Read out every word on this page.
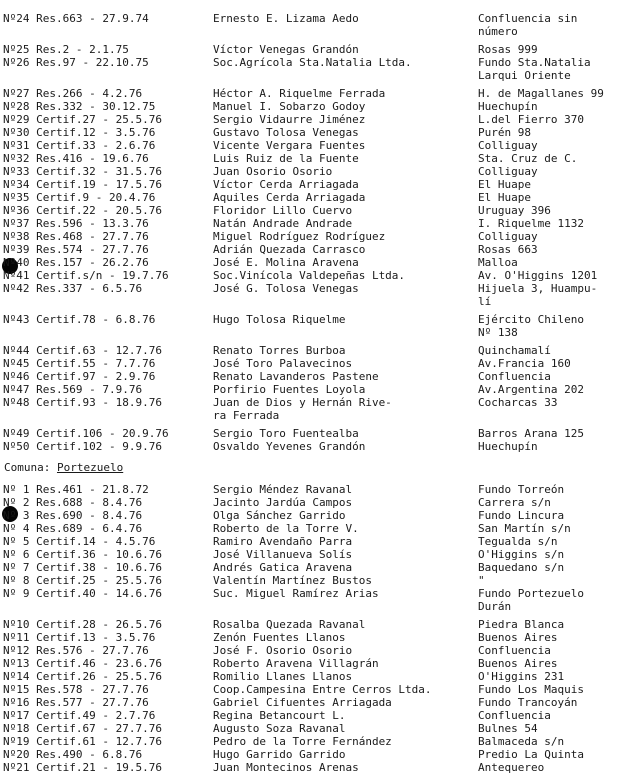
Comuna: Portezuelo
Nº24 Res.663 - 27.9.74	Ernesto E. Lizama Aedo	Confluencia sin
número
Nº25 Res.2 - 2.1.75	Víctor Venegas Grandón	Rosas 999
Nº26 Res.97 - 22.10.75	Soc.Agrícola Sta.Natalia Ltda.	Fundo Sta.Natalia
Larqui Oriente
Nº27 Res.266 - 4.2.76	Héctor A. Riquelme Ferrada	H. de Magallanes 99
Nº28 Res.332 - 30.12.75	Manuel I. Sobarzo Godoy	Huechupín
Nº29 Certif.27 - 25.5.76	Sergio Vidaurre Jiménez	L.del Fierro 370
Nº30 Certif.12 - 3.5.76	Gustavo Tolosa Venegas	Purén 98
Nº31 Certif.33 - 2.6.76	Vicente Vergara Fuentes	Colliguay
Nº32 Res.416 - 19.6.76	Luis Ruiz de la Fuente	Sta. Cruz de C.
Nº33 Certif.32 - 31.5.76	Juan Osorio Osorio	Colliguay
Nº34 Certif.19 - 17.5.76	Víctor Cerda Arriagada	El Huape
Nº35 Certif.9 - 20.4.76	Aquiles Cerda Arriagada	El Huape
Nº36 Certif.22 - 20.5.76	Floridor Lillo Cuervo	Uruguay 396
Nº37 Res.596 - 13.3.76	Natán Andrade Andrade	I. Riquelme 1132
Nº38 Res.468 - 27.7.76	Miguel Rodríguez Rodríguez	Colliguay
Nº39 Res.574 - 27.7.76	Adrián Quezada Carrasco	Rosas 663
Nº40 Res.157 - 26.2.76	José E. Molina Aravena	Malloa
Nº41 Certif.s/n - 19.7.76	Soc.Vinícola Valdepeñas Ltda.	Av. O'Higgins 1201
Nº42 Res.337 - 6.5.76	José G. Tolosa Venegas	Hijuela 3, Huampu-
lí
Nº43 Certif.78 - 6.8.76	Hugo Tolosa Riquelme	Ejército Chileno
Nº 138
Nº44 Certif.63 - 12.7.76	Renato Torres Burboa	Quinchamalí
Nº45 Certif.55 - 7.7.76	José Toro Palavecinos	Av.Francia 160
Nº46 Certif.97 - 2.9.76	Renato Lavanderos Pastene	Confluencia
Nº47 Res.569 - 7.9.76	Porfirio Fuentes Loyola	Av.Argentina 202
Nº48 Certif.93 - 18.9.76	Juan de Dios y Hernán Rive-	Cocharcas 33
ra Ferrada
Nº49 Certif.106 - 20.9.76	Sergio Toro Fuentealba	Barros Arana 125
Nº50 Certif.102 - 9.9.76	Osvaldo Yevenes Grandón	Huechupín
Nº 1 Res.461 - 21.8.72	Sergio Méndez Ravanal	Fundo Torreón
Nº 2 Res.688 - 8.4.76	Jacinto Jardúa Campos	Carrera s/n
Nº 3 Res.690 - 8.4.76	Olga Sánchez Garrido	Fundo Lincura
Nº 4 Res.689 - 6.4.76	Roberto de la Torre V.	San Martín s/n
Nº 5 Certif.14 - 4.5.76	Ramiro Avendaño Parra	Tegualda s/n
Nº 6 Certif.36 - 10.6.76	José Villanueva Solís	O'Higgins s/n
Nº 7 Certif.38 - 10.6.76	Andrés Gatica Aravena	Baquedano s/n
Nº 8 Certif.25 - 25.5.76	Valentín Martínez Bustos	"
Nº 9 Certif.40 - 14.6.76	Suc. Miguel Ramírez Arias	Fundo Portezuelo
Durán
Nº10 Certif.28 - 26.5.76	Rosalba Quezada Ravanal	Piedra Blanca
Nº11 Certif.13 - 3.5.76	Zenón Fuentes Llanos	Buenos Aires
Nº12 Res.576 - 27.7.76	José F. Osorio Osorio	Confluencia
Nº13 Certif.46 - 23.6.76	Roberto Aravena Villagrán	Buenos Aires
Nº14 Certif.26 - 25.5.76	Romilio Llanes Llanos	O'Higgins 231
Nº15 Res.578 - 27.7.76	Coop.Campesina Entre Cerros Ltda.	Fundo Los Maquis
Nº16 Res.577 - 27.7.76	Gabriel Cifuentes Arriagada	Fundo Trancoyán
Nº17 Certif.49 - 2.7.76	Regina Betancourt L.	Confluencia
Nº18 Certif.67 - 27.7.76	Augusto Soza Ravanal	Bulnes 54
Nº19 Certif.61 - 12.7.76	Pedro de la Torre Fernández	Balmaceda s/n
Nº20 Res.490 - 6.8.76	Hugo Garrido Garrido	Predio La Quinta
Nº21 Certif.21 - 19.5.76	Juan Montecinos Arenas	Antequereo
